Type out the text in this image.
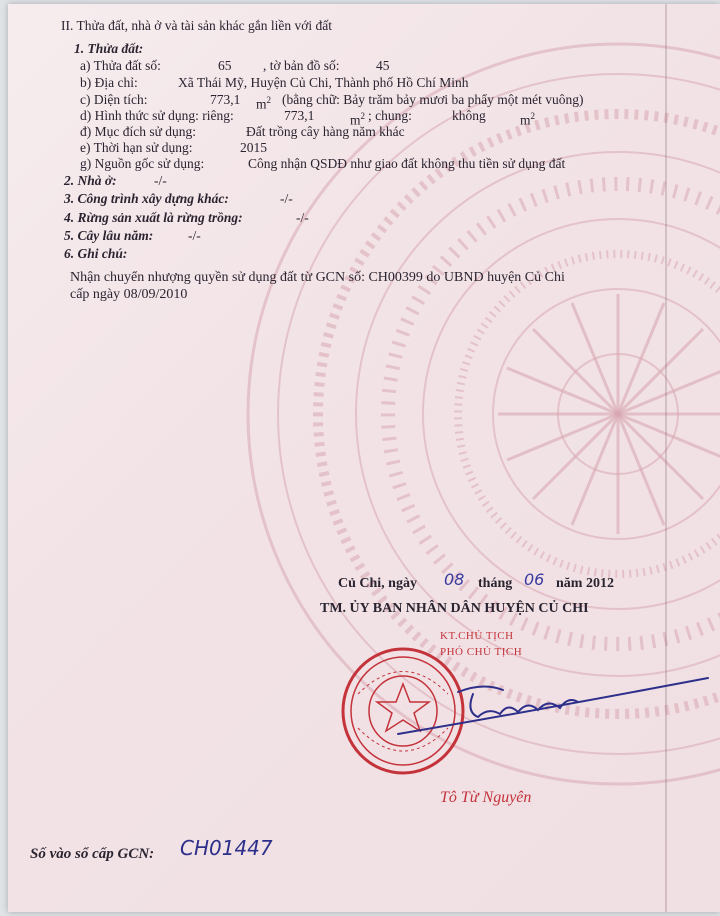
II. Thửa đất, nhà ở và tài sản khác gắn liền với đất
1. Thửa đất:
a) Thửa đất số:	65 , tờ bản đồ số:	45
b) Địa chỉ:	Xã Thái Mỹ, Huyện Củ Chi, Thành phố Hồ Chí Minh
c) Diện tích:	773,1 $m^2$ (bằng chữ: Bảy trăm bảy mươi ba phẩy một mét vuông)
d) Hình thức sử dụng: riêng:	773,1	$m^2$ ; chung:	không	$m^2$
đ) Mục đích sử dụng:	Đất trồng cây hàng năm khác
e) Thời hạn sử dụng:	2015
g) Nguồn gốc sử dụng:	Công nhận QSDĐ như giao đất không thu tiền sử dụng đất
2. Nhà ở:	-/-
3. Công trình xây dựng khác:	-/-
4. Rừng sản xuất là rừng trồng:	-/-
5. Cây lâu năm:	-/-
6. Ghi chú:
Nhận chuyển nhượng quyền sử dụng đất từ GCN số: CH00399 do UBND huyện Củ Chi
cấp ngày 08/09/2010
Củ Chi, ngày 08 tháng 06 năm 2012
TM. ỦY BAN NHÂN DÂN HUYỆN CỦ CHI
KT.CHỦ TỊCH
PHÓ CHỦ TỊCH
Tô Từ Nguyên
Số vào sổ cấp GCN: CH01447
